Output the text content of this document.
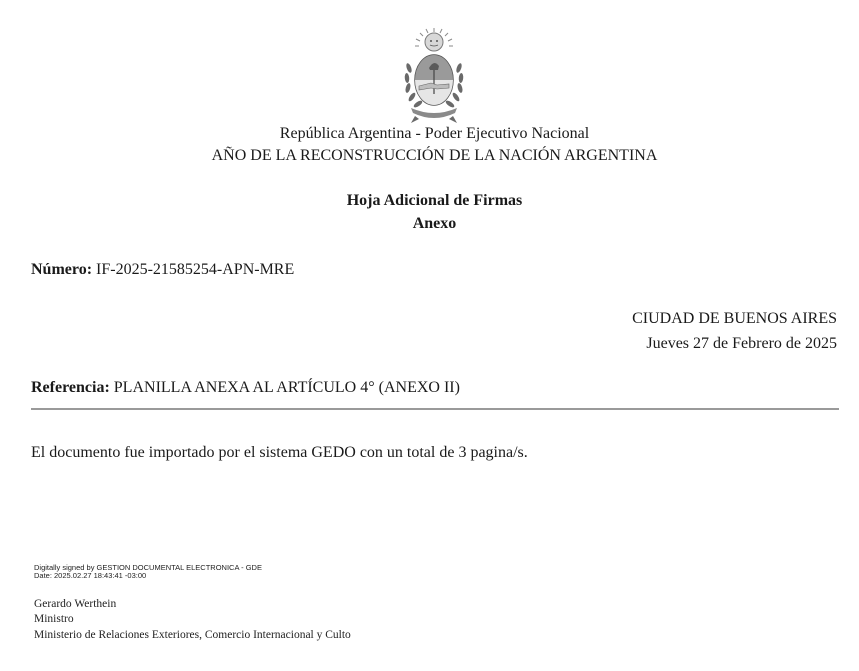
República Argentina - Poder Ejecutivo Nacional
AÑO DE LA RECONSTRUCCIÓN DE LA NACIÓN ARGENTINA
Hoja Adicional de Firmas
Anexo
Número: IF-2025-21585254-APN-MRE
CIUDAD DE BUENOS AIRES
Jueves 27 de Febrero de 2025
Referencia: PLANILLA ANEXA AL ARTÍCULO 4° (ANEXO II)
El documento fue importado por el sistema GEDO con un total de 3 pagina/s.
Digitally signed by GESTION DOCUMENTAL ELECTRONICA - GDE
Date: 2025.02.27 18:43:41 -03:00
Gerardo Werthein
Ministro
Ministerio de Relaciones Exteriores, Comercio Internacional y Culto
